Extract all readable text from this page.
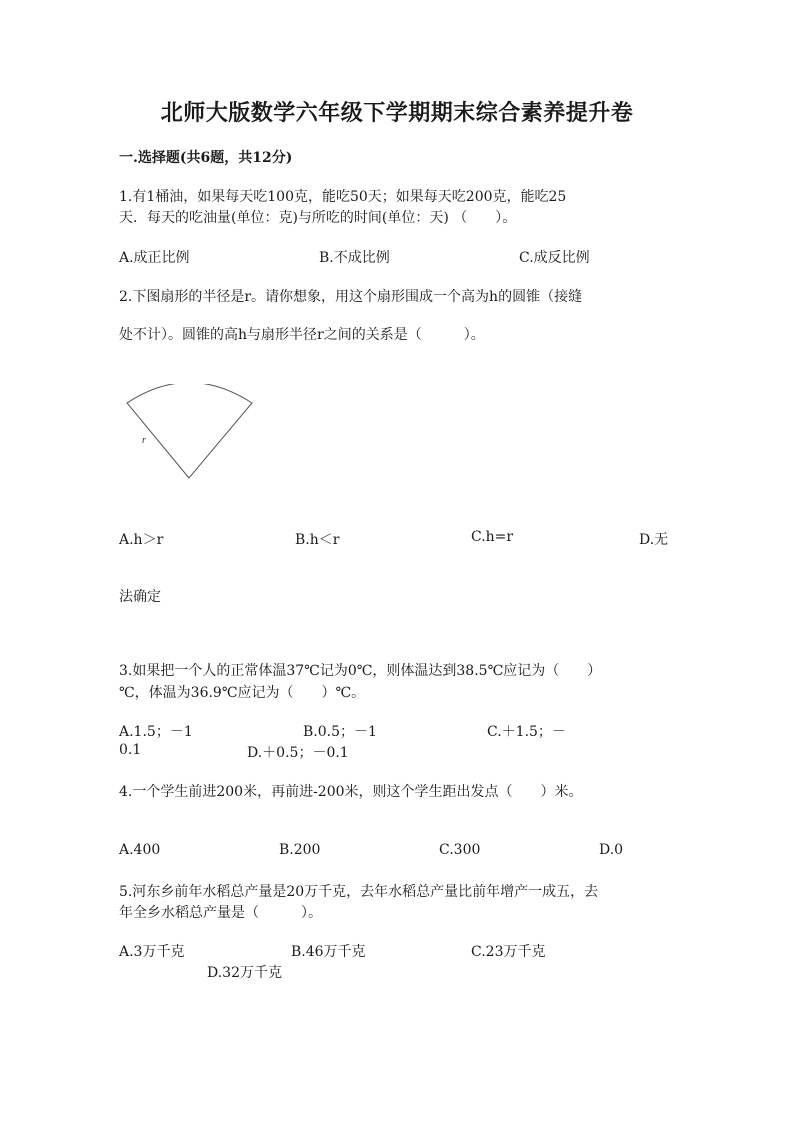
北师大版数学六年级下学期期末综合素养提升卷
一.选择题(共6题，共12分)
1.有1桶油，如果每天吃100克，能吃50天；如果每天吃200克，能吃25
天．每天的吃油量(单位：克)与所吃的时间(单位：天) （　　）。
A.成正比例	B.不成比例	C.成反比例
2.下图扇形的半径是r。请你想象，用这个扇形围成一个高为h的圆锥（接缝
处不计）。圆锥的高h与扇形半径r之间的关系是（　　　）。
r
A.h＞r	B.h＜r	C.h=r	D.无
法确定
3.如果把一个人的正常体温37℃记为0℃，则体温达到38.5℃应记为（　　）
℃，体温为36.9℃应记为（　　）℃。
A.1.5；－1	B.0.5；－1	C.＋1.5；－
0.1	D.＋0.5；－0.1
4.一个学生前进200米，再前进-200米，则这个学生距出发点（　　）米。
A.400	B.200	C.300	D.0
5.河东乡前年水稻总产量是20万千克，去年水稻总产量比前年增产一成五，去
年全乡水稻总产量是（　　　）。
A.3万千克	B.46万千克	C.23万千克
D.32万千克
